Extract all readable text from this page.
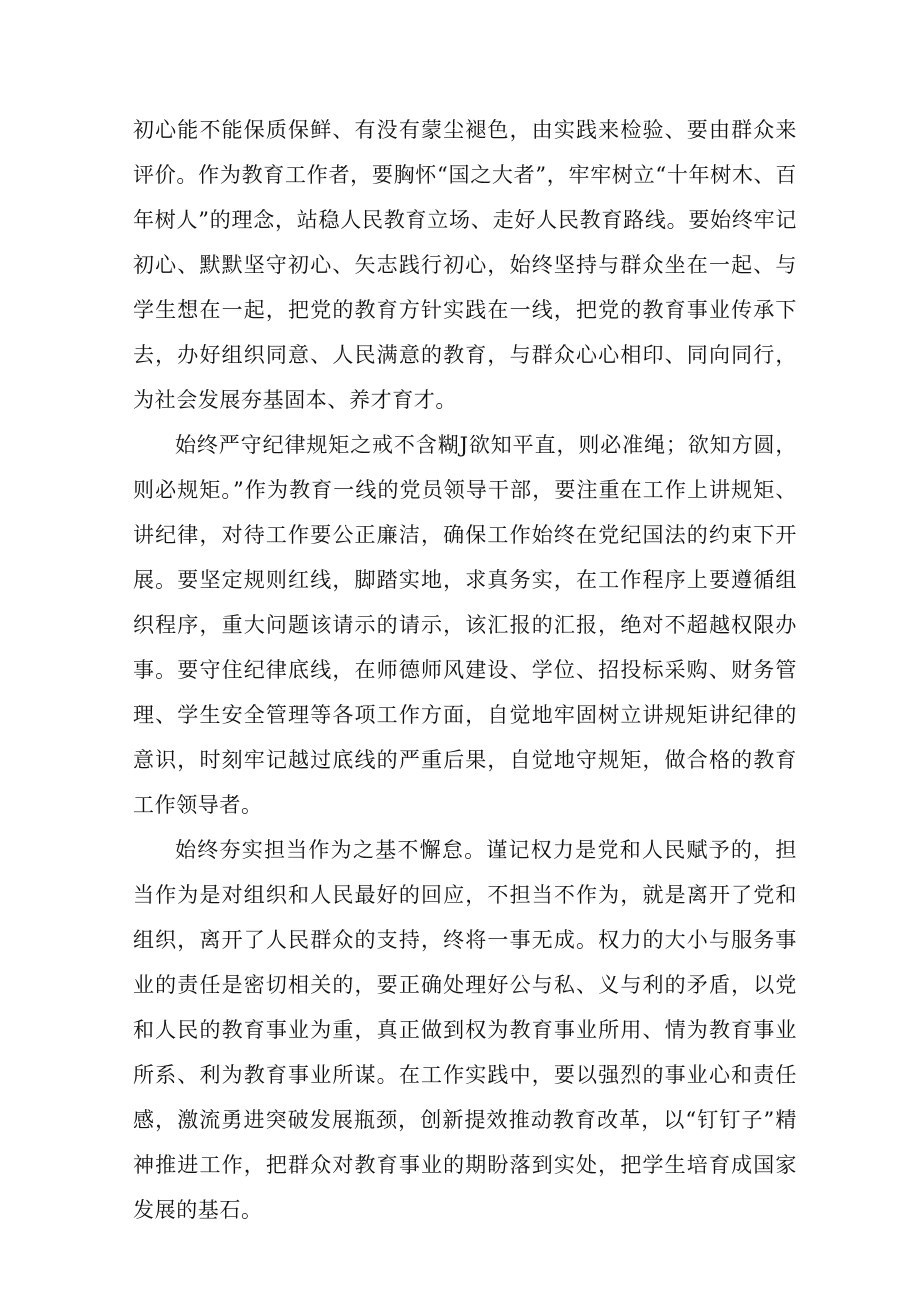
初心能不能保质保鲜、有没有蒙尘褪色，由实践来检验、要由群众来评价。作为教育工作者，要胸怀“国之大者”，牢牢树立“十年树木、百年树人”的理念，站稳人民教育立场、走好人民教育路线。要始终牢记初心、默默坚守初心、矢志践行初心，始终坚持与群众坐在一起、与学生想在一起，把党的教育方针实践在一线，把党的教育事业传承下去，办好组织同意、人民满意的教育，与群众心心相印、同向同行，为社会发展夯基固本、养才育才。

始终严守纪律规矩之戒不含糊J欲知平直，则必准绳；欲知方圆，则必规矩。”作为教育一线的党员领导干部，要注重在工作上讲规矩、讲纪律，对待工作要公正廉洁，确保工作始终在党纪国法的约束下开展。要坚定规则红线，脚踏实地，求真务实，在工作程序上要遵循组织程序，重大问题该请示的请示，该汇报的汇报，绝对不超越权限办事。要守住纪律底线，在师德师风建设、学位、招投标采购、财务管理、学生安全管理等各项工作方面，自觉地牢固树立讲规矩讲纪律的意识，时刻牢记越过底线的严重后果，自觉地守规矩，做合格的教育工作领导者。

始终夯实担当作为之基不懈怠。谨记权力是党和人民赋予的，担当作为是对组织和人民最好的回应，不担当不作为，就是离开了党和组织，离开了人民群众的支持，终将一事无成。权力的大小与服务事业的责任是密切相关的，要正确处理好公与私、义与利的矛盾，以党和人民的教育事业为重，真正做到权为教育事业所用、情为教育事业所系、利为教育事业所谋。在工作实践中，要以强烈的事业心和责任感，激流勇进突破发展瓶颈，创新提效推动教育改革，以“钉钉子”精神推进工作，把群众对教育事业的期盼落到实处，把学生培育成国家发展的基石。
